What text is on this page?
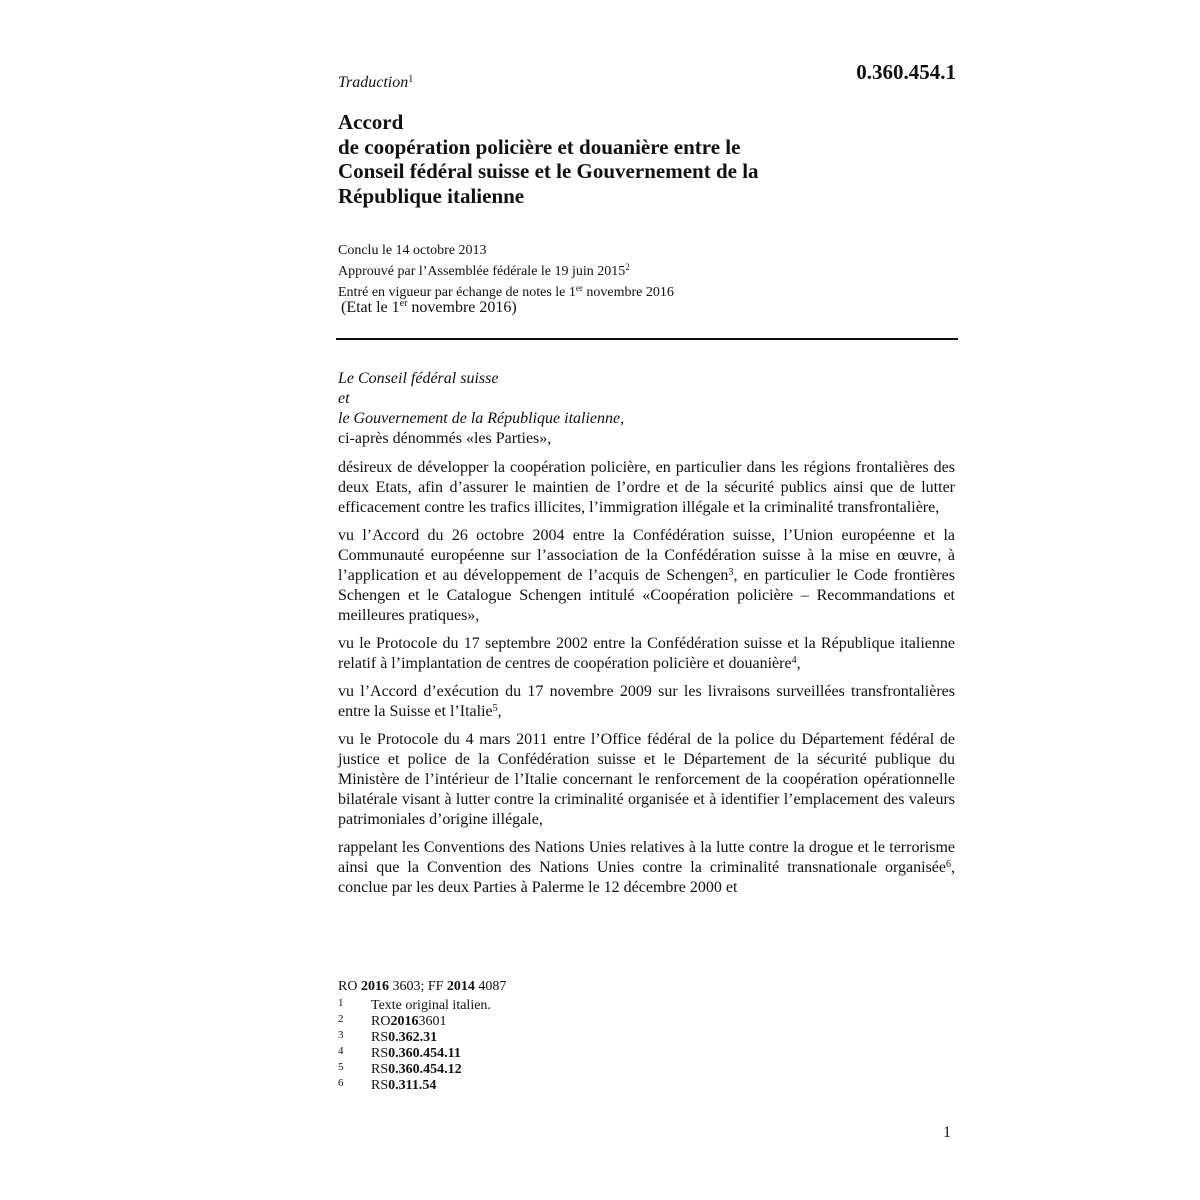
0.360.454.1
Traduction$^1$
Accord
de coopération policière et douanière entre le
Conseil fédéral suisse et le Gouvernement de la
République italienne
Conclu le 14 octobre 2013
Approuvé par l’Assemblée fédérale le 19 juin 2015$^2$
Entré en vigueur par échange de notes le 1er novembre 2016
(Etat le 1er novembre 2016)
Le Conseil fédéral suisse
et
le Gouvernement de la République italienne,

ci-après dénommés «les Parties»,

désireux de développer la coopération policière, en particulier dans les régions frontalières des deux Etats, afin d’assurer le maintien de l’ordre et de la sécurité publics ainsi que de lutter efficacement contre les trafics illicites, l’immigration illégale et la criminalité transfrontalière,

vu l’Accord du 26 octobre 2004 entre la Confédération suisse, l’Union européenne et la Communauté européenne sur l’association de la Confédération suisse à la mise en œuvre, à l’application et au développement de l’acquis de Schengen$^3$, en particulier le Code frontières Schengen et le Catalogue Schengen intitulé «Coopération policière – Recommandations et meilleures pratiques»,

vu le Protocole du 17 septembre 2002 entre la Confédération suisse et la République italienne relatif à l’implantation de centres de coopération policière et douanière$^4$,

vu l’Accord d’exécution du 17 novembre 2009 sur les livraisons surveillées transfrontalières entre la Suisse et l’Italie$^5$,

vu le Protocole du 4 mars 2011 entre l’Office fédéral de la police du Département fédéral de justice et police de la Confédération suisse et le Département de la sécurité publique du Ministère de l’intérieur de l’Italie concernant le renforcement de la coopération opérationnelle bilatérale visant à lutter contre la criminalité organisée et à identifier l’emplacement des valeurs patrimoniales d’origine illégale,

rappelant les Conventions des Nations Unies relatives à la lutte contre la drogue et le terrorisme ainsi que la Convention des Nations Unies contre la criminalité transnationale organisée$^6$, conclue par les deux Parties à Palerme le 12 décembre 2000 et

RO 2016 3603; FF 2014 4087
1	Texte original italien.
2	RO 2016 3601
3	RS 0.362.31
4	RS 0.360.454.11
5	RS 0.360.454.12
6	RS 0.311.54
1
